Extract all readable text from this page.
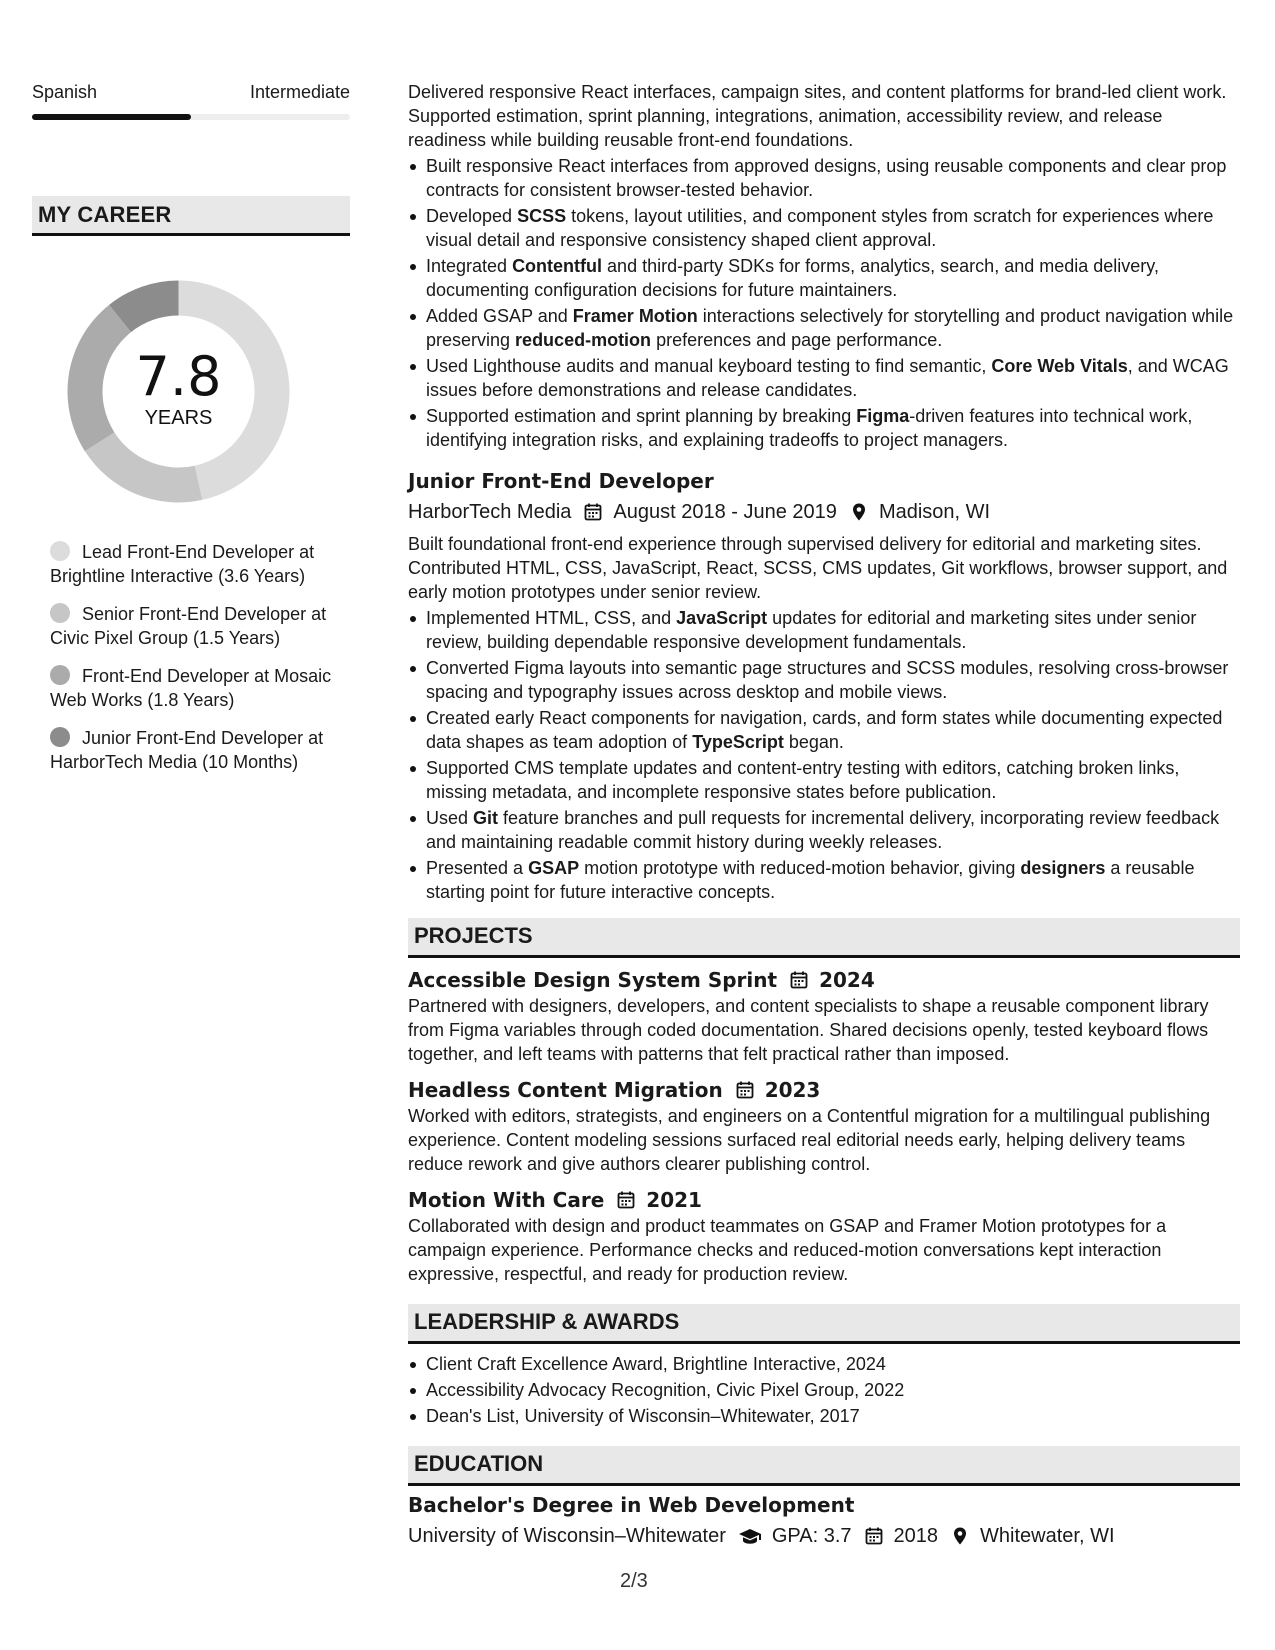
Spanish	Intermediate
MY CAREER
7.8
YEARS
Lead Front-End Developer at Brightline Interactive (3.6 Years)
Senior Front-End Developer at Civic Pixel Group (1.5 Years)
Front-End Developer at Mosaic Web Works (1.8 Years)
Junior Front-End Developer at HarborTech Media (10 Months)

Delivered responsive React interfaces, campaign sites, and content platforms for brand-led client work. Supported estimation, sprint planning, integrations, animation, accessibility review, and release readiness while building reusable front-end foundations.

Built responsive React interfaces from approved designs, using reusable components and clear prop contracts for consistent browser-tested behavior.
Developed SCSS tokens, layout utilities, and component styles from scratch for experiences where visual detail and responsive consistency shaped client approval.
Integrated Contentful and third-party SDKs for forms, analytics, search, and media delivery, documenting configuration decisions for future maintainers.
Added GSAP and Framer Motion interactions selectively for storytelling and product navigation while preserving reduced-motion preferences and page performance.
Used Lighthouse audits and manual keyboard testing to find semantic, Core Web Vitals, and WCAG issues before demonstrations and release candidates.
Supported estimation and sprint planning by breaking Figma-driven features into technical work, identifying integration risks, and explaining tradeoffs to project managers.
Junior Front-End Developer
HarborTech Media August 2018 - June 2019 Madison, WI

Built foundational front-end experience through supervised delivery for editorial and marketing sites. Contributed HTML, CSS, JavaScript, React, SCSS, CMS updates, Git workflows, browser support, and early motion prototypes under senior review.

Implemented HTML, CSS, and JavaScript updates for editorial and marketing sites under senior review, building dependable responsive development fundamentals.
Converted Figma layouts into semantic page structures and SCSS modules, resolving cross-browser spacing and typography issues across desktop and mobile views.
Created early React components for navigation, cards, and form states while documenting expected data shapes as team adoption of TypeScript began.
Supported CMS template updates and content-entry testing with editors, catching broken links, missing metadata, and incomplete responsive states before publication.
Used Git feature branches and pull requests for incremental delivery, incorporating review feedback and maintaining readable commit history during weekly releases.
Presented a GSAP motion prototype with reduced-motion behavior, giving designers a reusable starting point for future interactive concepts.
PROJECTS
Accessible Design System Sprint 2024

Partnered with designers, developers, and content specialists to shape a reusable component library from Figma variables through coded documentation. Shared decisions openly, tested keyboard flows together, and left teams with patterns that felt practical rather than imposed.

Headless Content Migration 2023

Worked with editors, strategists, and engineers on a Contentful migration for a multilingual publishing experience. Content modeling sessions surfaced real editorial needs early, helping delivery teams reduce rework and give authors clearer publishing control.

Motion With Care 2021

Collaborated with design and product teammates on GSAP and Framer Motion prototypes for a campaign experience. Performance checks and reduced-motion conversations kept interaction expressive, respectful, and ready for production review.

LEADERSHIP & AWARDS
Client Craft Excellence Award, Brightline Interactive, 2024
Accessibility Advocacy Recognition, Civic Pixel Group, 2022
Dean's List, University of Wisconsin–Whitewater, 2017
EDUCATION
Bachelor's Degree in Web Development
University of Wisconsin–Whitewater GPA: 3.7 2018 Whitewater, WI
2/3
